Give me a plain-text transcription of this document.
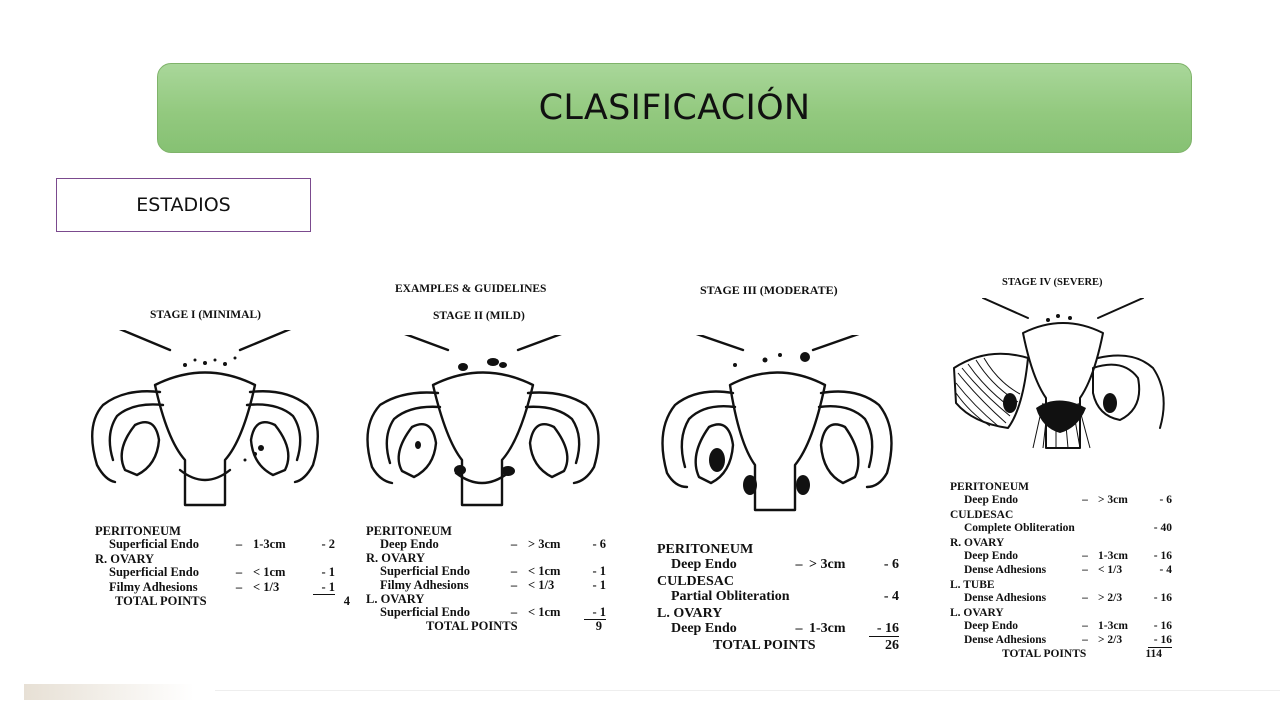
CLASIFICACIÓN
ESTADIOS
EXAMPLES & GUIDELINES
STAGE I (MINIMAL)	STAGE II (MILD)
STAGE III (MODERATE)
STAGE IV (SEVERE)
PERITONEUM
Superficial Endo	– 1-3cm	- 2
R. OVARY
Superficial Endo	– < 1cm	- 1
Filmy Adhesions	– < 1/3	- 1
TOTAL POINTS	4
PERITONEUM
Deep Endo	– > 3cm	- 6
R. OVARY
Superficial Endo	– < 1cm	- 1
Filmy Adhesions	– < 1/3	- 1
L. OVARY
Superficial Endo	– < 1cm	- 1
TOTAL POINTS	9
PERITONEUM
Deep Endo	– > 3cm	- 6
CULDESAC
Partial Obliteration	- 4
L. OVARY
Deep Endo	– 1-3cm	- 16
TOTAL POINTS	26
PERITONEUM
Deep Endo	– > 3cm	- 6
CULDESAC
Complete Obliteration	- 40
R. OVARY
Deep Endo	– 1-3cm	- 16
Dense Adhesions	– < 1/3	- 4
L. TUBE
Dense Adhesions	– > 2/3	- 16
L. OVARY
Deep Endo	– 1-3cm	- 16
Dense Adhesions	– > 2/3	- 16
TOTAL POINTS	114
